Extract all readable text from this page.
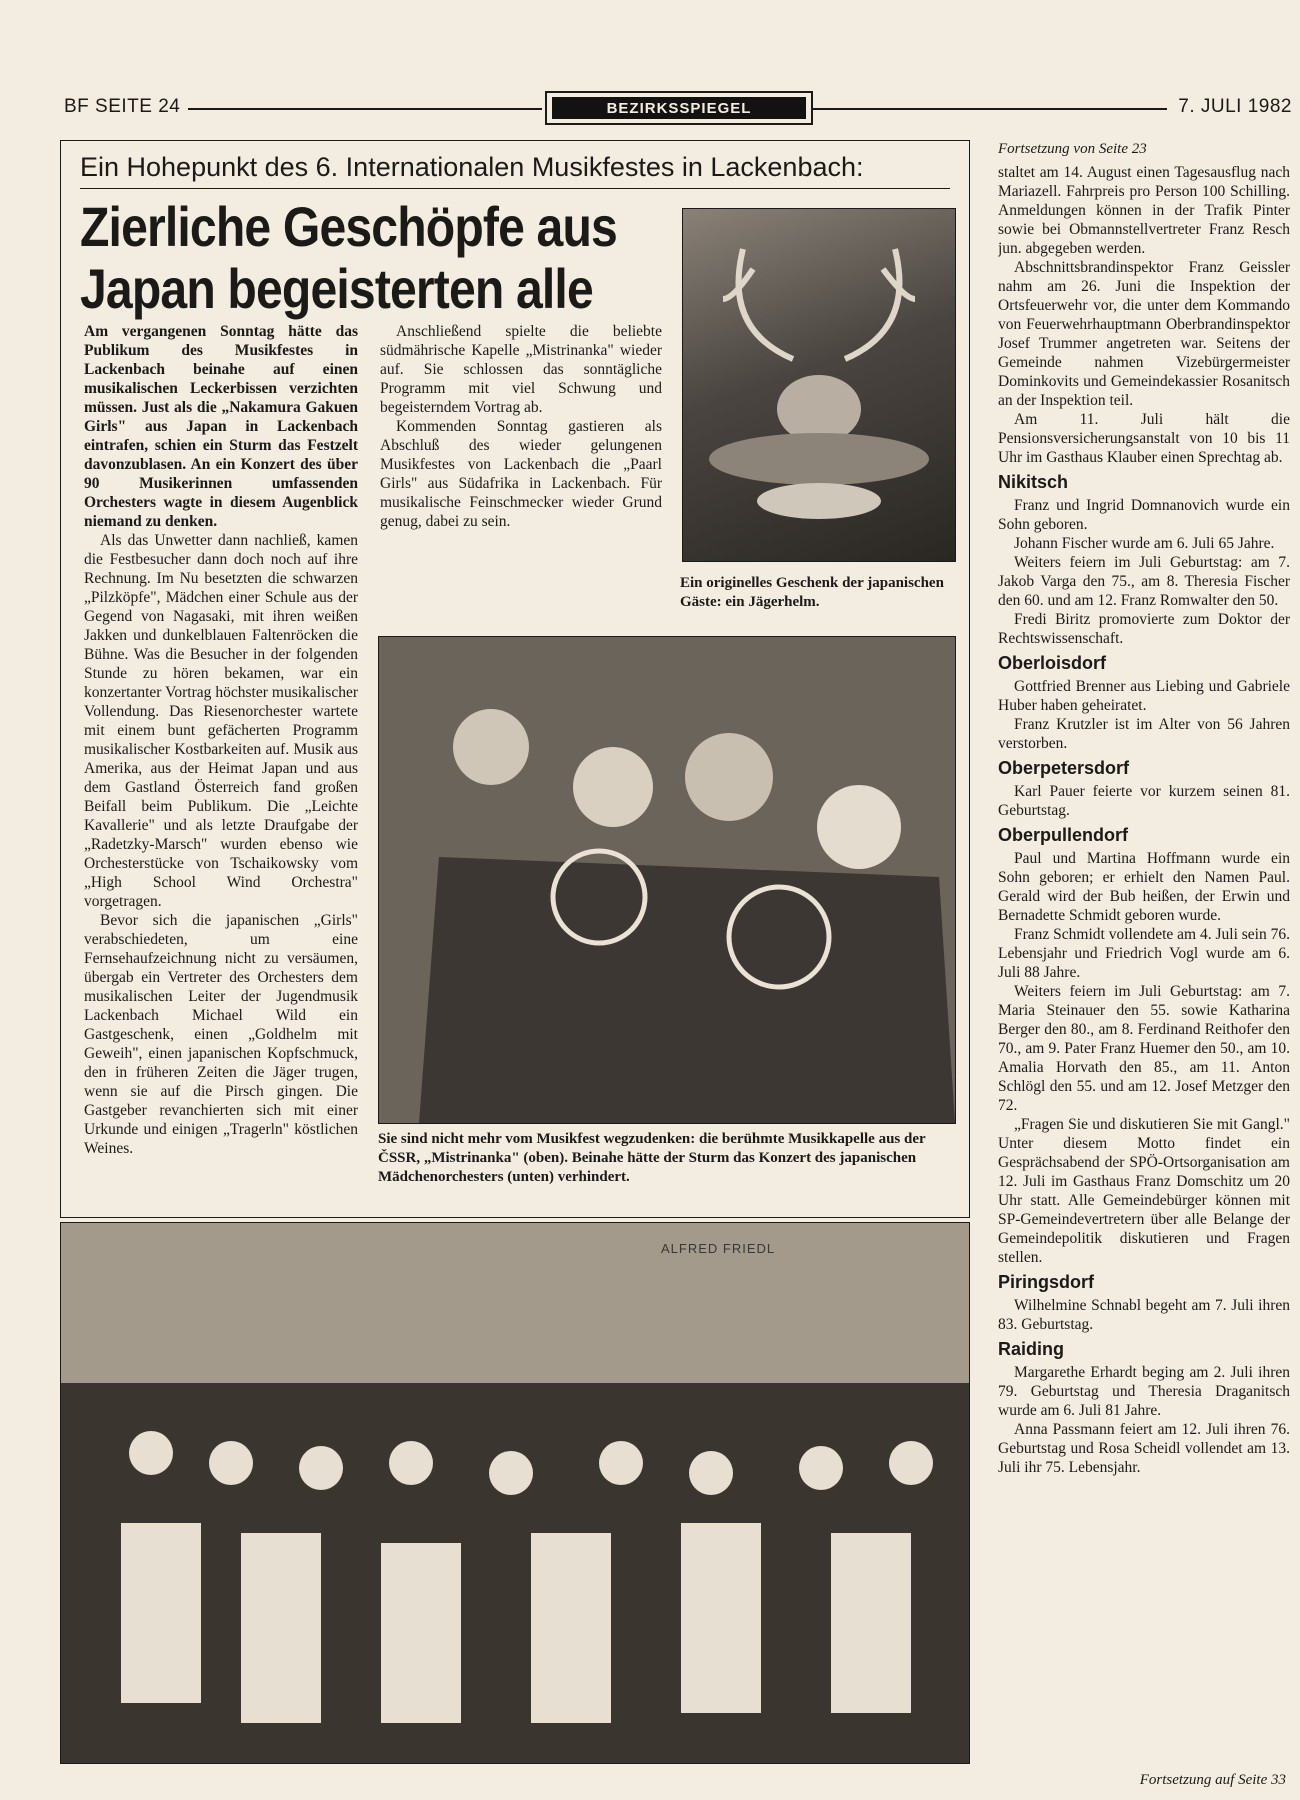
BF SEITE 24	BEZIRKSSPIEGEL	7. JULI 1982
Ein Hohepunkt des 6. Internationalen Musikfestes in Lackenbach:
Zierliche Geschöpfe aus
Japan begeisterten alle

Am vergangenen Sonntag hätte das Publikum des Musikfestes in Lackenbach beinahe auf einen musikalischen Leckerbissen verzichten müssen. Just als die „Nakamura Gakuen Girls" aus Japan in Lackenbach eintrafen, schien ein Sturm das Festzelt davonzublasen. An ein Konzert des über 90 Musikerinnen umfassenden Orchesters wagte in diesem Augenblick niemand zu denken.

Als das Unwetter dann nachließ, kamen die Festbesucher dann doch noch auf ihre Rechnung. Im Nu besetzten die schwarzen „Pilzköpfe", Mädchen einer Schule aus der Gegend von Nagasaki, mit ihren weißen Jakken und dunkelblauen Faltenröcken die Bühne. Was die Besucher in der folgenden Stunde zu hören bekamen, war ein konzertanter Vortrag höchster musikalischer Vollendung. Das Riesenorchester wartete mit einem bunt gefächerten Programm musikalischer Kostbarkeiten auf. Musik aus Amerika, aus der Heimat Japan und aus dem Gastland Österreich fand großen Beifall beim Publikum. Die „Leichte Kavallerie" und als letzte Draufgabe der „Radetzky-Marsch" wurden ebenso wie Orchesterstücke von Tschaikowsky vom „High School Wind Orchestra" vorgetragen.

Bevor sich die japanischen „Girls" verabschiedeten, um eine Fernsehaufzeichnung nicht zu versäumen, übergab ein Vertreter des Orchesters dem musikalischen Leiter der Jugendmusik Lackenbach Michael Wild ein Gastgeschenk, einen „Goldhelm mit Geweih", einen japanischen Kopfschmuck, den in früheren Zeiten die Jäger trugen, wenn sie auf die Pirsch gingen. Die Gastgeber revanchierten sich mit einer Urkunde und einigen „Tragerln" köstlichen Weines.

Anschließend spielte die beliebte südmährische Kapelle „Mistrinanka" wieder auf. Sie schlossen das sonntägliche Programm mit viel Schwung und begeisterndem Vortrag ab.

Kommenden Sonntag gastieren als Abschluß des wieder gelungenen Musikfestes von Lackenbach die „Paarl Girls" aus Südafrika in Lackenbach. Für musikalische Feinschmecker wieder Grund genug, dabei zu sein.

Ein originelles Geschenk der japanischen Gäste: ein Jägerhelm.
Sie sind nicht mehr vom Musikfest wegzudenken: die berühmte Musikkapelle aus der ČSSR, „Mistrinanka" (oben). Beinahe hätte der Sturm das Konzert des japanischen Mädchenorchesters (unten) verhindert.
ALFRED FRIEDL
Fortsetzung von Seite 23

staltet am 14. August einen Tagesausflug nach Mariazell. Fahrpreis pro Person 100 Schilling. Anmeldungen können in der Trafik Pinter sowie bei Obmannstellvertreter Franz Resch jun. abgegeben werden.

Abschnittsbrandinspektor Franz Geissler nahm am 26. Juni die Inspektion der Ortsfeuerwehr vor, die unter dem Kommando von Feuerwehrhauptmann Oberbrandinspektor Josef Trummer angetreten war. Seitens der Gemeinde nahmen Vizebürgermeister Dominkovits und Gemeindekassier Rosanitsch an der Inspektion teil.

Am 11. Juli hält die Pensionsversicherungsanstalt von 10 bis 11 Uhr im Gasthaus Klauber einen Sprechtag ab.

Nikitsch

Franz und Ingrid Domnanovich wurde ein Sohn geboren.

Johann Fischer wurde am 6. Juli 65 Jahre.

Weiters feiern im Juli Geburtstag: am 7. Jakob Varga den 75., am 8. Theresia Fischer den 60. und am 12. Franz Romwalter den 50.

Fredi Biritz promovierte zum Doktor der Rechtswissenschaft.

Oberloisdorf

Gottfried Brenner aus Liebing und Gabriele Huber haben geheiratet.

Franz Krutzler ist im Alter von 56 Jahren verstorben.

Oberpetersdorf

Karl Pauer feierte vor kurzem seinen 81. Geburtstag.

Oberpullendorf

Paul und Martina Hoffmann wurde ein Sohn geboren; er erhielt den Namen Paul. Gerald wird der Bub heißen, der Erwin und Bernadette Schmidt geboren wurde.

Franz Schmidt vollendete am 4. Juli sein 76. Lebensjahr und Friedrich Vogl wurde am 6. Juli 88 Jahre.

Weiters feiern im Juli Geburtstag: am 7. Maria Steinauer den 55. sowie Katharina Berger den 80., am 8. Ferdinand Reithofer den 70., am 9. Pater Franz Huemer den 50., am 10. Amalia Horvath den 85., am 11. Anton Schlögl den 55. und am 12. Josef Metzger den 72.

„Fragen Sie und diskutieren Sie mit Gangl." Unter diesem Motto findet ein Gesprächsabend der SPÖ-Ortsorganisation am 12. Juli im Gasthaus Franz Domschitz um 20 Uhr statt. Alle Gemeindebürger können mit SP-Gemeindevertretern über alle Belange der Gemeindepolitik diskutieren und Fragen stellen.

Piringsdorf

Wilhelmine Schnabl begeht am 7. Juli ihren 83. Geburtstag.

Raiding

Margarethe Erhardt beging am 2. Juli ihren 79. Geburtstag und Theresia Draganitsch wurde am 6. Juli 81 Jahre.

Anna Passmann feiert am 12. Juli ihren 76. Geburtstag und Rosa Scheidl vollendet am 13. Juli ihr 75. Lebensjahr.

Fortsetzung auf Seite 33
